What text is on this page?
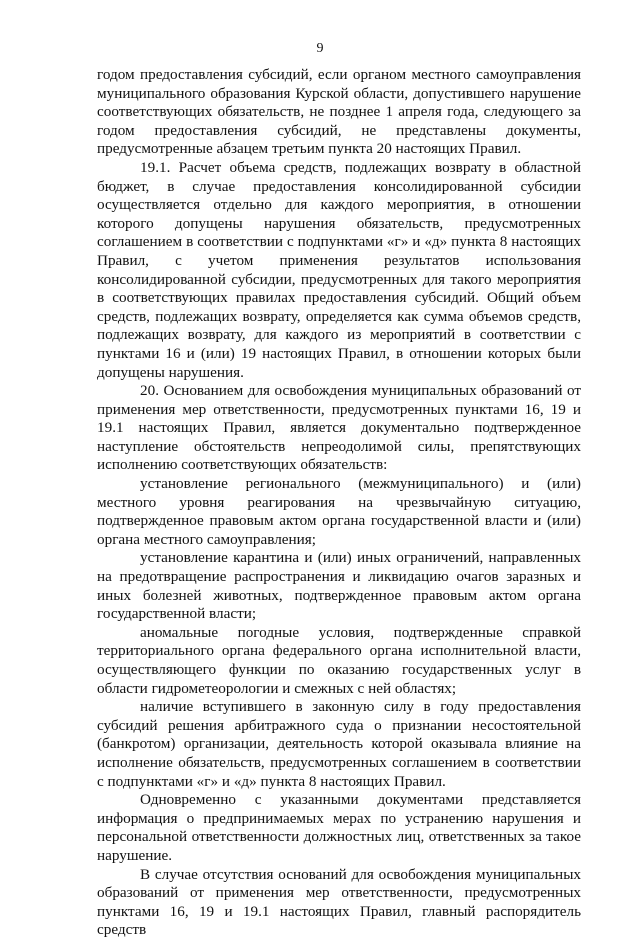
9

годом предоставления субсидий, если органом местного самоуправления муниципального образования Курской области, допустившего нарушение соответствующих обязательств, не позднее 1 апреля года, следующего за годом предоставления субсидий, не представлены документы, предусмотренные абзацем третьим пункта 20 настоящих Правил.

19.1. Расчет объема средств, подлежащих возврату в областной бюджет, в случае предоставления консолидированной субсидии осуществляется отдельно для каждого мероприятия, в отношении которого допущены нарушения обязательств, предусмотренных соглашением в соответствии с подпунктами «г» и «д» пункта 8 настоящих Правил, с учетом применения результатов использования консолидированной субсидии, предусмотренных для такого мероприятия в соответствующих правилах предоставления субсидий. Общий объем средств, подлежащих возврату, определяется как сумма объемов средств, подлежащих возврату, для каждого из мероприятий в соответствии с пунктами 16 и (или) 19 настоящих Правил, в отношении которых были допущены нарушения.

20. Основанием для освобождения муниципальных образований от применения мер ответственности, предусмотренных пунктами 16, 19 и 19.1 настоящих Правил, является документально подтвержденное наступление обстоятельств непреодолимой силы, препятствующих исполнению соответствующих обязательств:

установление регионального (межмуниципального) и (или) местного уровня реагирования на чрезвычайную ситуацию, подтвержденное правовым актом органа государственной власти и (или) органа местного самоуправления;

установление карантина и (или) иных ограничений, направленных на предотвращение распространения и ликвидацию очагов заразных и иных болезней животных, подтвержденное правовым актом органа государственной власти;

аномальные погодные условия, подтвержденные справкой территориального органа федерального органа исполнительной власти, осуществляющего функции по оказанию государственных услуг в области гидрометеорологии и смежных с ней областях;

наличие вступившего в законную силу в году предоставления субсидий решения арбитражного суда о признании несостоятельной (банкротом) организации, деятельность которой оказывала влияние на исполнение обязательств, предусмотренных соглашением в соответствии с подпунктами «г» и «д» пункта 8 настоящих Правил.

Одновременно с указанными документами представляется информация о предпринимаемых мерах по устранению нарушения и персональной ответственности должностных лиц, ответственных за такое нарушение.

В случае отсутствия оснований для освобождения муниципальных образований от применения мер ответственности, предусмотренных пунктами 16, 19 и 19.1 настоящих Правил, главный распорядитель средств
